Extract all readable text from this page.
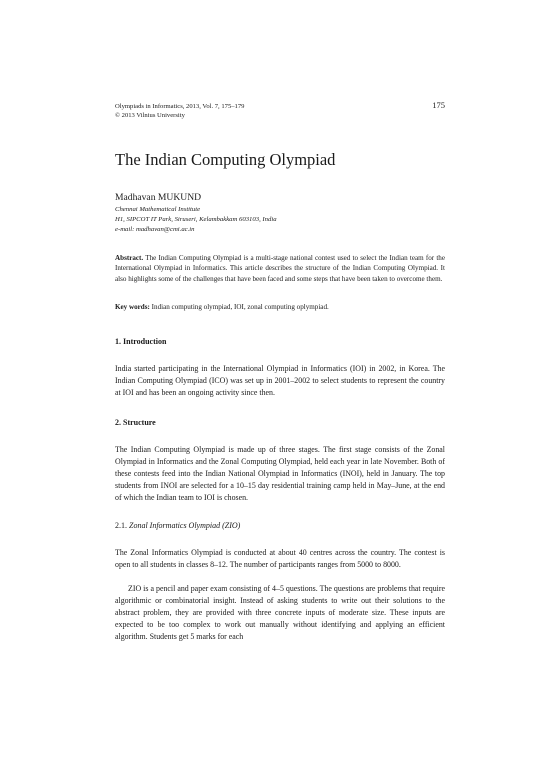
Olympiads in Informatics, 2013, Vol. 7, 175–179
© 2013 Vilnius University
175
The Indian Computing Olympiad
Madhavan MUKUND
Chennai Mathematical Institute
H1, SIPCOT IT Park, Siruseri, Kelambakkam 603103, India
e-mail: madhavan@cmi.ac.in
Abstract. The Indian Computing Olympiad is a multi-stage national contest used to select the Indian team for the International Olympiad in Informatics. This article describes the structure of the Indian Computing Olympiad. It also highlights some of the challenges that have been faced and some steps that have been taken to overcome them.
Key words: Indian computing olympiad, IOI, zonal computing oplympiad.
1. Introduction
India started participating in the International Olympiad in Informatics (IOI) in 2002, in Korea. The Indian Computing Olympiad (ICO) was set up in 2001–2002 to select students to represent the country at IOI and has been an ongoing activity since then.
2. Structure
The Indian Computing Olympiad is made up of three stages. The first stage consists of the Zonal Olympiad in Informatics and the Zonal Computing Olympiad, held each year in late November. Both of these contests feed into the Indian National Olympiad in Informatics (INOI), held in January. The top students from INOI are selected for a 10–15 day residential training camp held in May–June, at the end of which the Indian team to IOI is chosen.
2.1. Zonal Informatics Olympiad (ZIO)
The Zonal Informatics Olympiad is conducted at about 40 centres across the country. The contest is open to all students in classes 8–12. The number of participants ranges from 5000 to 8000.
ZIO is a pencil and paper exam consisting of 4–5 questions. The questions are problems that require algorithmic or combinatorial insight. Instead of asking students to write out their solutions to the abstract problem, they are provided with three concrete inputs of moderate size. These inputs are expected to be too complex to work out manually without identifying and applying an efficient algorithm. Students get 5 marks for each
